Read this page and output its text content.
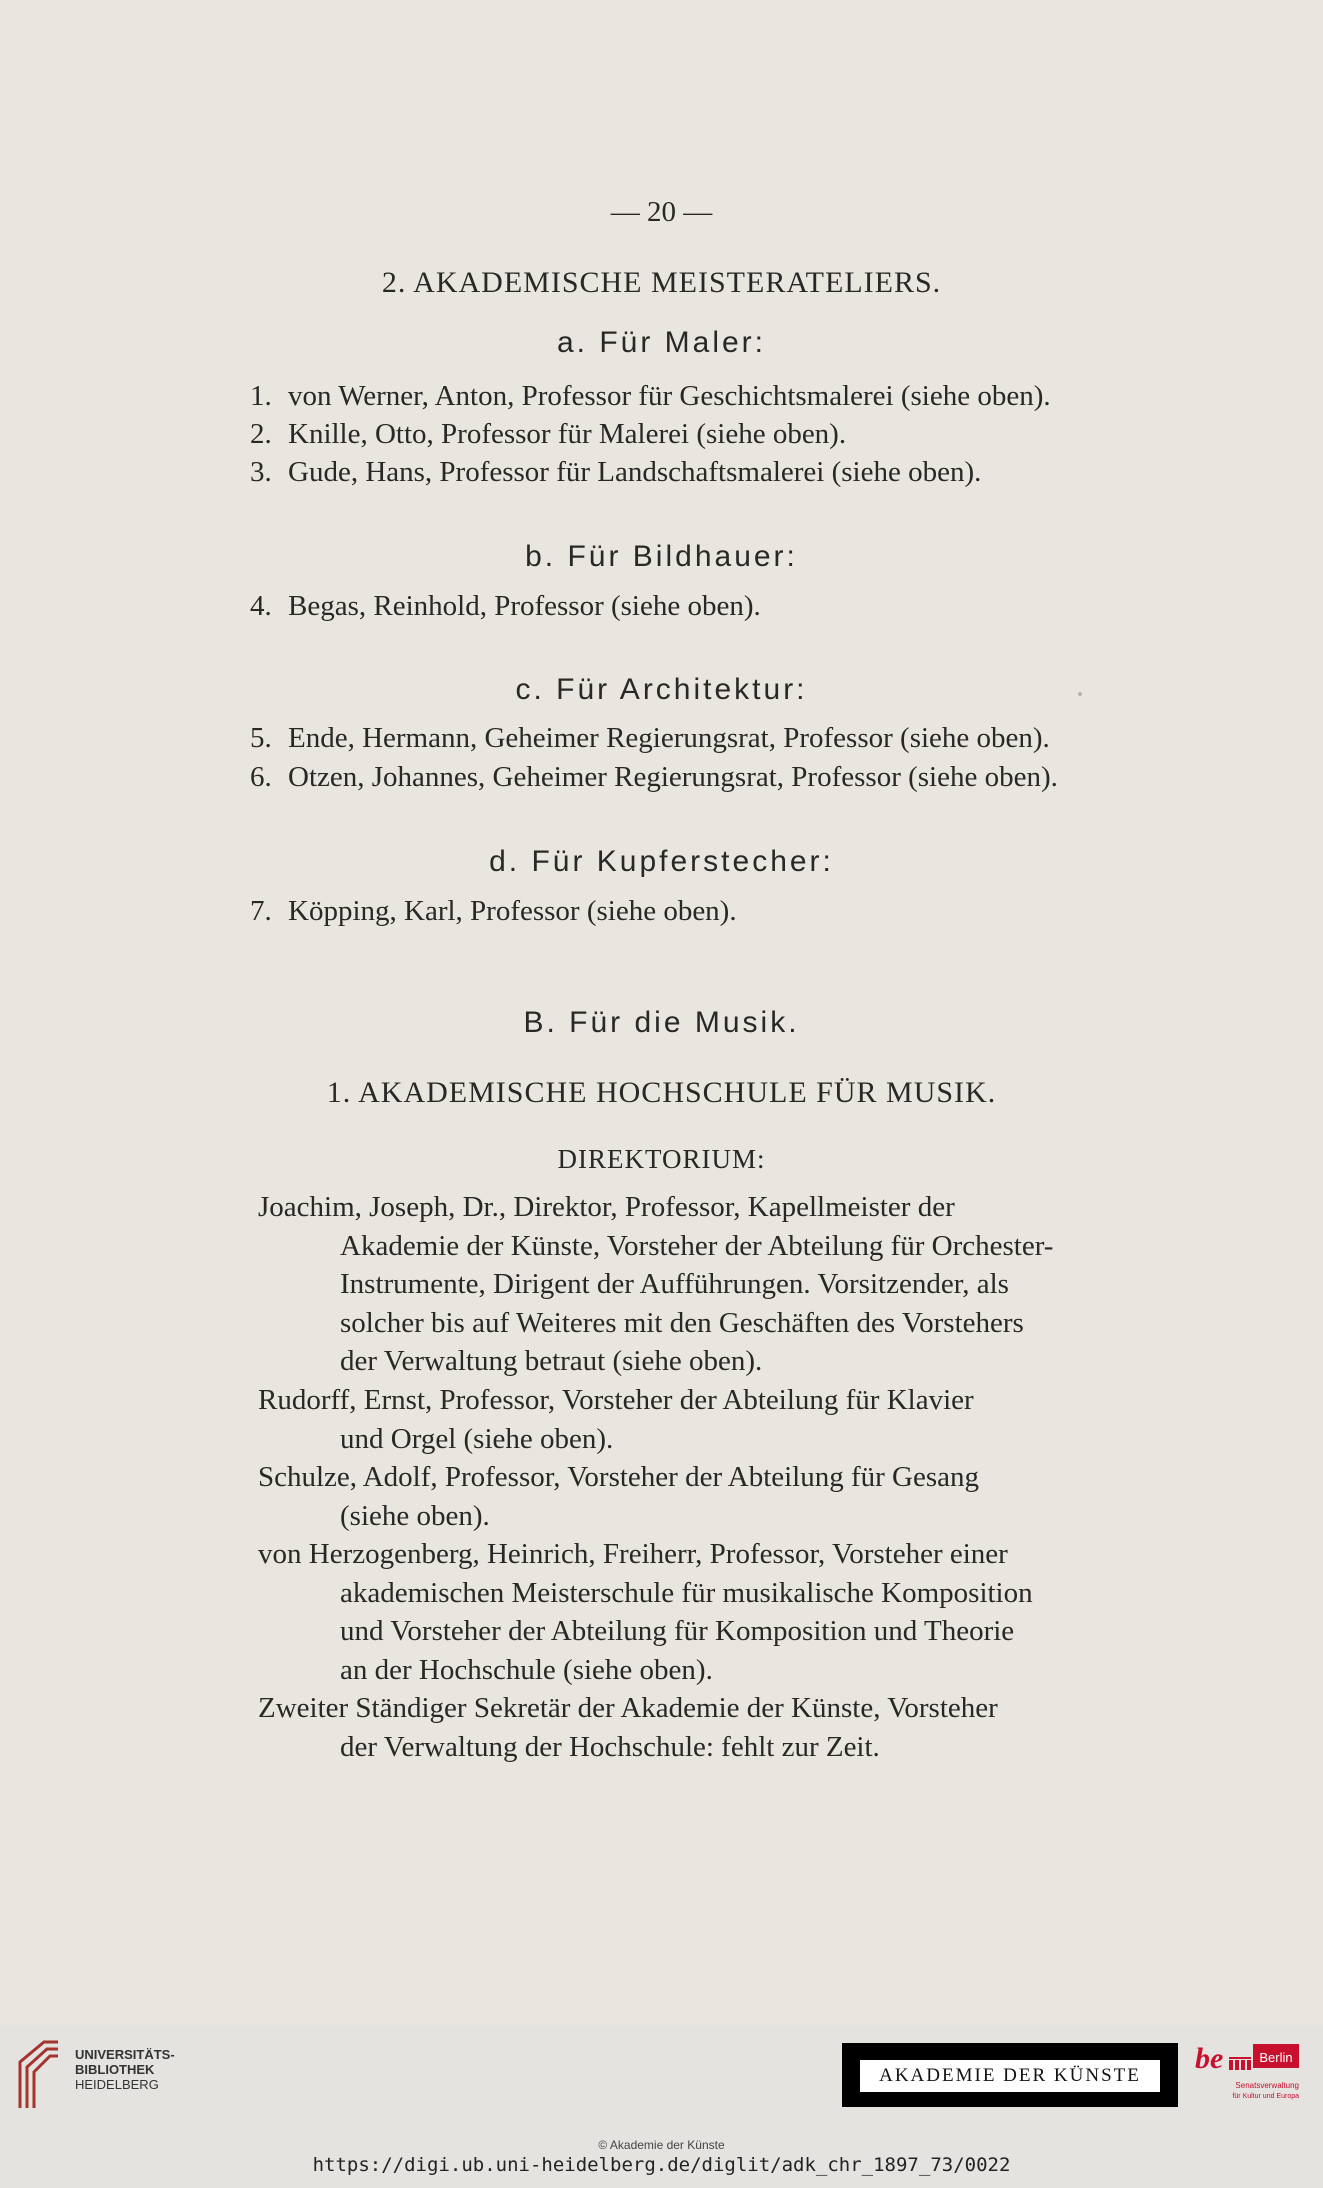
— 20 —
2. AKADEMISCHE MEISTERATELIERS.
a. Für Maler:
1. von Werner, Anton, Professor für Geschichtsmalerei (siehe oben).
2. Knille, Otto, Professor für Malerei (siehe oben).
3. Gude, Hans, Professor für Landschaftsmalerei (siehe oben).
b. Für Bildhauer:
4. Begas, Reinhold, Professor (siehe oben).
c. Für Architektur:
5. Ende, Hermann, Geheimer Regierungsrat, Professor (siehe oben).
6. Otzen, Johannes, Geheimer Regierungsrat, Professor (siehe oben).
d. Für Kupferstecher:
7. Köpping, Karl, Professor (siehe oben).
B. Für die Musik.
1. AKADEMISCHE HOCHSCHULE FÜR MUSIK.
DIREKTORIUM:
Joachim, Joseph, Dr., Direktor, Professor, Kapellmeister der
Akademie der Künste, Vorsteher der Abteilung für Orchester-
Instrumente, Dirigent der Aufführungen. Vorsitzender, als
solcher bis auf Weiteres mit den Geschäften des Vorstehers
der Verwaltung betraut (siehe oben).
Rudorff, Ernst, Professor, Vorsteher der Abteilung für Klavier
und Orgel (siehe oben).
Schulze, Adolf, Professor, Vorsteher der Abteilung für Gesang
(siehe oben).
von Herzogenberg, Heinrich, Freiherr, Professor, Vorsteher einer
akademischen Meisterschule für musikalische Komposition
und Vorsteher der Abteilung für Komposition und Theorie
an der Hochschule (siehe oben).
Zweiter Ständiger Sekretär der Akademie der Künste, Vorsteher
der Verwaltung der Hochschule: fehlt zur Zeit.
UNIVERSITÄTS-
BIBLIOTHEK
HEIDELBERG	AKADEMIE DER KÜNSTE
be	Berlin
Senatsverwaltung
für Kultur und Europa
© Akademie der Künste
https://digi.ub.uni-heidelberg.de/diglit/adk_chr_1897_73/0022
